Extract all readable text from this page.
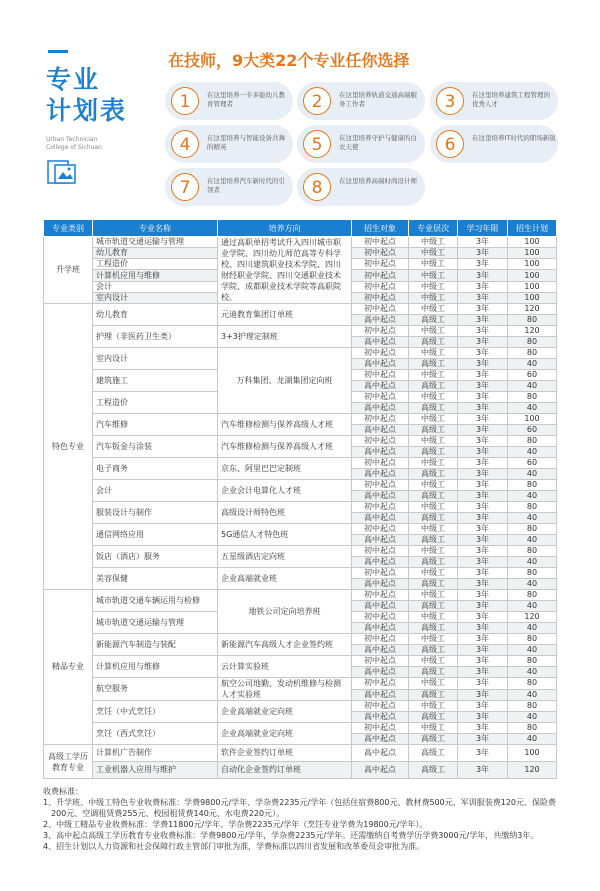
专业
计划表
Urban Technician
College of Sichuan
在技师，9大类22个专业任你选择
1	在这里培养一专多能幼儿教育管理者	2	在这里培养轨道交通高端服务工作者	3	在这里培养建筑工程管理的优秀人才
4	在这里培养与智能设备共舞的精英	5	在这里培养守护与健康的白衣天使	6	在这里培养IT时代的职场新锐
7	在这里培养汽车新时代的引领者	8	在这里培养高端时尚设计师
专业类别	专业名称	培养方向	招生对象	专业层次	学习年限	招生计划
升学班	城市轨道交通运输与管理	通过高职单招考试升入四川城市职业学院、四川幼儿师范高等专科学校、四川建筑职业技术学院、四川财经职业学院、四川交通职业技术学院、成都职业技术学院等高职院校。	初中起点	中级工	3年	100
	幼儿教育		初中起点	中级工	3年	100
	工程造价		初中起点	中级工	3年	100
	计算机应用与维修		初中起点	中级工	3年	100
	会计		初中起点	中级工	3年	100
	室内设计		初中起点	中级工	3年	100
特色专业	幼儿教育	元迪教育集团订单班	初中起点	中级工	3年	120
			高中起点	高级工	3年	80
	护理（非医药卫生类）	3+3护理定制班	初中起点	中级工	3年	120
			高中起点	高级工	3年	80
	室内设计	万科集团、龙湖集团定向班	初中起点	中级工	3年	80
			高中起点	高级工	3年	40
	建筑施工		初中起点	中级工	3年	60
			高中起点	高级工	3年	40
	工程造价		初中起点	中级工	3年	80
			高中起点	高级工	3年	40
	汽车维修	汽车维修检测与保养高级人才班	初中起点	中级工	3年	100
			高中起点	高级工	3年	60
	汽车钣金与涂装	汽车维修检测与保养高级人才班	初中起点	中级工	3年	80
			高中起点	高级工	3年	40
	电子商务	京东、阿里巴巴定制班	初中起点	中级工	3年	60
			高中起点	高级工	3年	40
	会计	企业会计电算化人才班	初中起点	中级工	3年	80
			高中起点	高级工	3年	40
	服装设计与制作	高级设计师特色班	初中起点	中级工	3年	80
			高中起点	高级工	3年	40
	通信网络应用	5G通信人才特色班	初中起点	中级工	3年	80
			高中起点	高级工	3年	40
	饭店（酒店）服务	五星级酒店定向班	初中起点	中级工	3年	80
			高中起点	高级工	3年	40
	美容保健	企业高端就业班	初中起点	中级工	3年	80
			高中起点	高级工	3年	40
精品专业	城市轨道交通车辆运用与检修	地铁公司定向培养班	初中起点	中级工	3年	80
			高中起点	高级工	3年	40
	城市轨道交通运输与管理		初中起点	中级工	3年	120
			高中起点	高级工	3年	40
	新能源汽车制造与装配	新能源汽车高级人才企业签约班	初中起点	中级工	3年	80
			高中起点	高级工	3年	40
	计算机应用与维修	云计算实验班	初中起点	中级工	3年	80
			高中起点	高级工	3年	40
	航空服务	航空公司地勤、发动机维修与检测人才实验班	初中起点	中级工	3年	80
			高中起点	高级工	3年	40
	烹饪（中式烹饪）	企业高端就业定向班	初中起点	中级工	3年	80
			高中起点	高级工	3年	40
	烹饪（西式烹饪）	企业高端就业定向班	初中起点	中级工	3年	80
			高中起点	高级工	3年	40
高级工学历教育专业	计算机广告制作	软件企业签约订单班	高中起点	高级工	3年	100
	工业机器人应用与维护	自动化企业签约订单班	高中起点	高级工	3年	120
收费标准：
1、升学班、中级工特色专业收费标准：学费9800元/学年、学杂费2235元/学年（包括住宿费800元、教材费500元、军训服装费120元、保险费
200元、空调租赁费255元、校园租赁费140元、水电费220元）。
2、中级工精品专业收费标准：学费11800元/学年、学杂费2235元/学年（烹饪专业学费为19800元/学年）。
3、高中起点高级工学历教育专业收费标准：学费9800元/学年，学杂费2235元/学年。还需缴纳自考费学历学费3000元/学年，共缴纳3年。
4、招生计划以人力资源和社会保障行政主管部门审批为准，学费标准以四川省发展和改革委员会审批为准。
